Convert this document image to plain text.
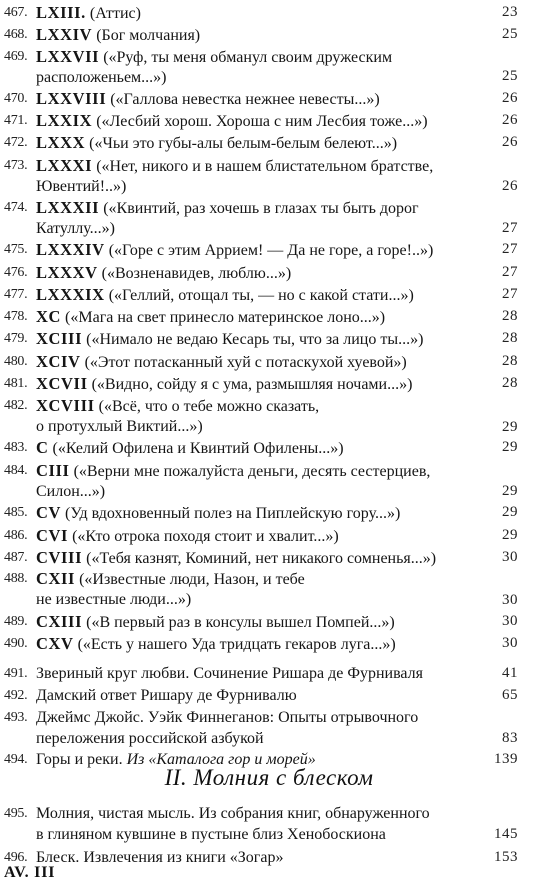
467. LXIII. (Аттис)	23
468. LXXIV (Бог молчания)	25
469. LXXVII («Руф, ты меня обманул своим дружеским
расположеньем...»)	25
470. LXXVIII («Галлова невестка нежнее невесты...»)	26
471. LXXIX («Лесбий хорош. Хороша с ним Лесбия тоже...»)	26
472. LXXX («Чьи это губы-алы белым-белым белеют...»)	26
473. LXXXI («Нет, никого и в нашем блистательном братстве,
Ювентий!..»)	26
474. LXXXII («Квинтий, раз хочешь в глазах ты быть дорог
Катуллу...»)	27
475. LXXXIV («Горе с этим Аррием! — Да не горе, а горе!..»)	27
476. LXXXV («Возненавидев, люблю...»)	27
477. LXXXIX («Геллий, отощал ты, — но с какой стати...»)	27
478. XC («Мага на свет принесло материнское лоно...»)	28
479. XCIII («Нимало не ведаю Кесарь ты, что за лицо ты...»)	28
480. XCIV («Этот потасканный хуй с потаскухой хуевой»)	28
481. XCVII («Видно, сойду я с ума, размышляя ночами...»)	28
482. XCVIII («Всё, что о тебе можно сказать,
о протухлый Виктий...»)	29
483. C («Келий Офилена и Квинтий Офилены...»)	29
484. CIII («Верни мне пожалуйста деньги, десять сестерциев,
Силон...»)	29
485. CV (Уд вдохновенный полез на Пиплейскую гору...»)	29
486. CVI («Кто отрока походя стоит и хвалит...»)	29
487. CVIII («Тебя казнят, Коминий, нет никакого сомненья...»)	30
488. CXII («Известные люди, Назон, и тебе
не известные люди...»)	30
489. CXIII («В первый раз в консулы вышел Помпей...»)	30
490. CXV («Есть у нашего Уда тридцать гекаров луга...»)	30
491. Звериный круг любви. Сочинение Ришара де Фурниваля	41
492. Дамский ответ Ришару де Фурнивалю	65
493. Джеймс Джойс. Уэйк Финнеганов: Опыты отрывочного
переложения российской азбукой	83
494. Горы и реки. Из «Каталога гор и морей»	139
II. Молния с блеском
495. Молния, чистая мысль. Из собрания книг, обнаруженного
в глиняном кувшине в пустыне близ Хенобоскиона	145
496. Блеск. Извлечения из книги «Зогар»	153
AV. III
